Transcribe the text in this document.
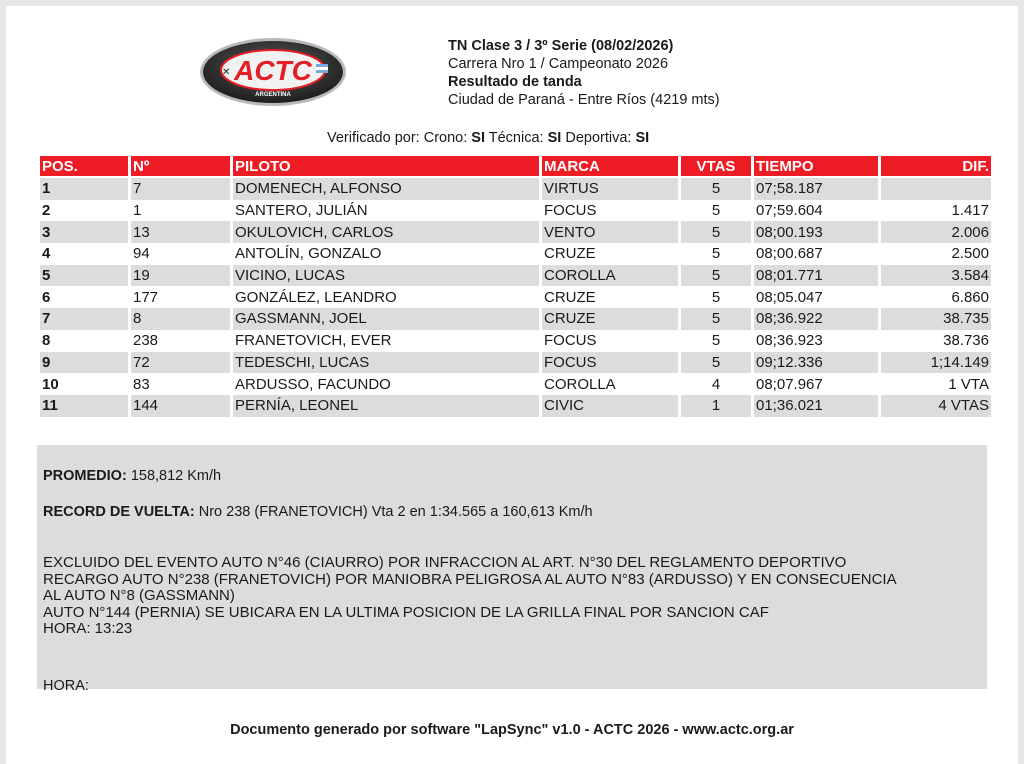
ACTC
ARGENTINA
✕
TN Clase 3 / 3º Serie (08/02/2026)
Carrera Nro 1 / Campeonato 2026
Resultado de tanda
Ciudad de Paraná - Entre Ríos (4219 mts)
Verificado por: Crono: SI Técnica: SI Deportiva: SI
POS.	Nº	PILOTO	MARCA	VTAS	TIEMPO	DIF.
1	7	DOMENECH, ALFONSO	VIRTUS	5	07;58.187	
2	1	SANTERO, JULIÁN	FOCUS	5	07;59.604	1.417
3	13	OKULOVICH, CARLOS	VENTO	5	08;00.193	2.006
4	94	ANTOLÍN, GONZALO	CRUZE	5	08;00.687	2.500
5	19	VICINO, LUCAS	COROLLA	5	08;01.771	3.584
6	177	GONZÁLEZ, LEANDRO	CRUZE	5	08;05.047	6.860
7	8	GASSMANN, JOEL	CRUZE	5	08;36.922	38.735
8	238	FRANETOVICH, EVER	FOCUS	5	08;36.923	38.736
9	72	TEDESCHI, LUCAS	FOCUS	5	09;12.336	1;14.149
10	83	ARDUSSO, FACUNDO	COROLLA	4	08;07.967	1 VTA
11	144	PERNÍA, LEONEL	CIVIC	1	01;36.021	4 VTAS
PROMEDIO: 158,812 Km/h
RECORD DE VUELTA: Nro 238 (FRANETOVICH) Vta 2 en 1:34.565 a 160,613 Km/h
EXCLUIDO DEL EVENTO AUTO N°46 (CIAURRO) POR INFRACCION AL ART. N°30 DEL REGLAMENTO DEPORTIVO
RECARGO AUTO N°238 (FRANETOVICH) POR MANIOBRA PELIGROSA AL AUTO N°83 (ARDUSSO) Y EN CONSECUENCIA
AL AUTO N°8 (GASSMANN)
AUTO N°144 (PERNIA) SE UBICARA EN LA ULTIMA POSICION DE LA GRILLA FINAL POR SANCION CAF
HORA: 13:23
HORA:
Documento generado por software "LapSync" v1.0 - ACTC 2026 - www.actc.org.ar
